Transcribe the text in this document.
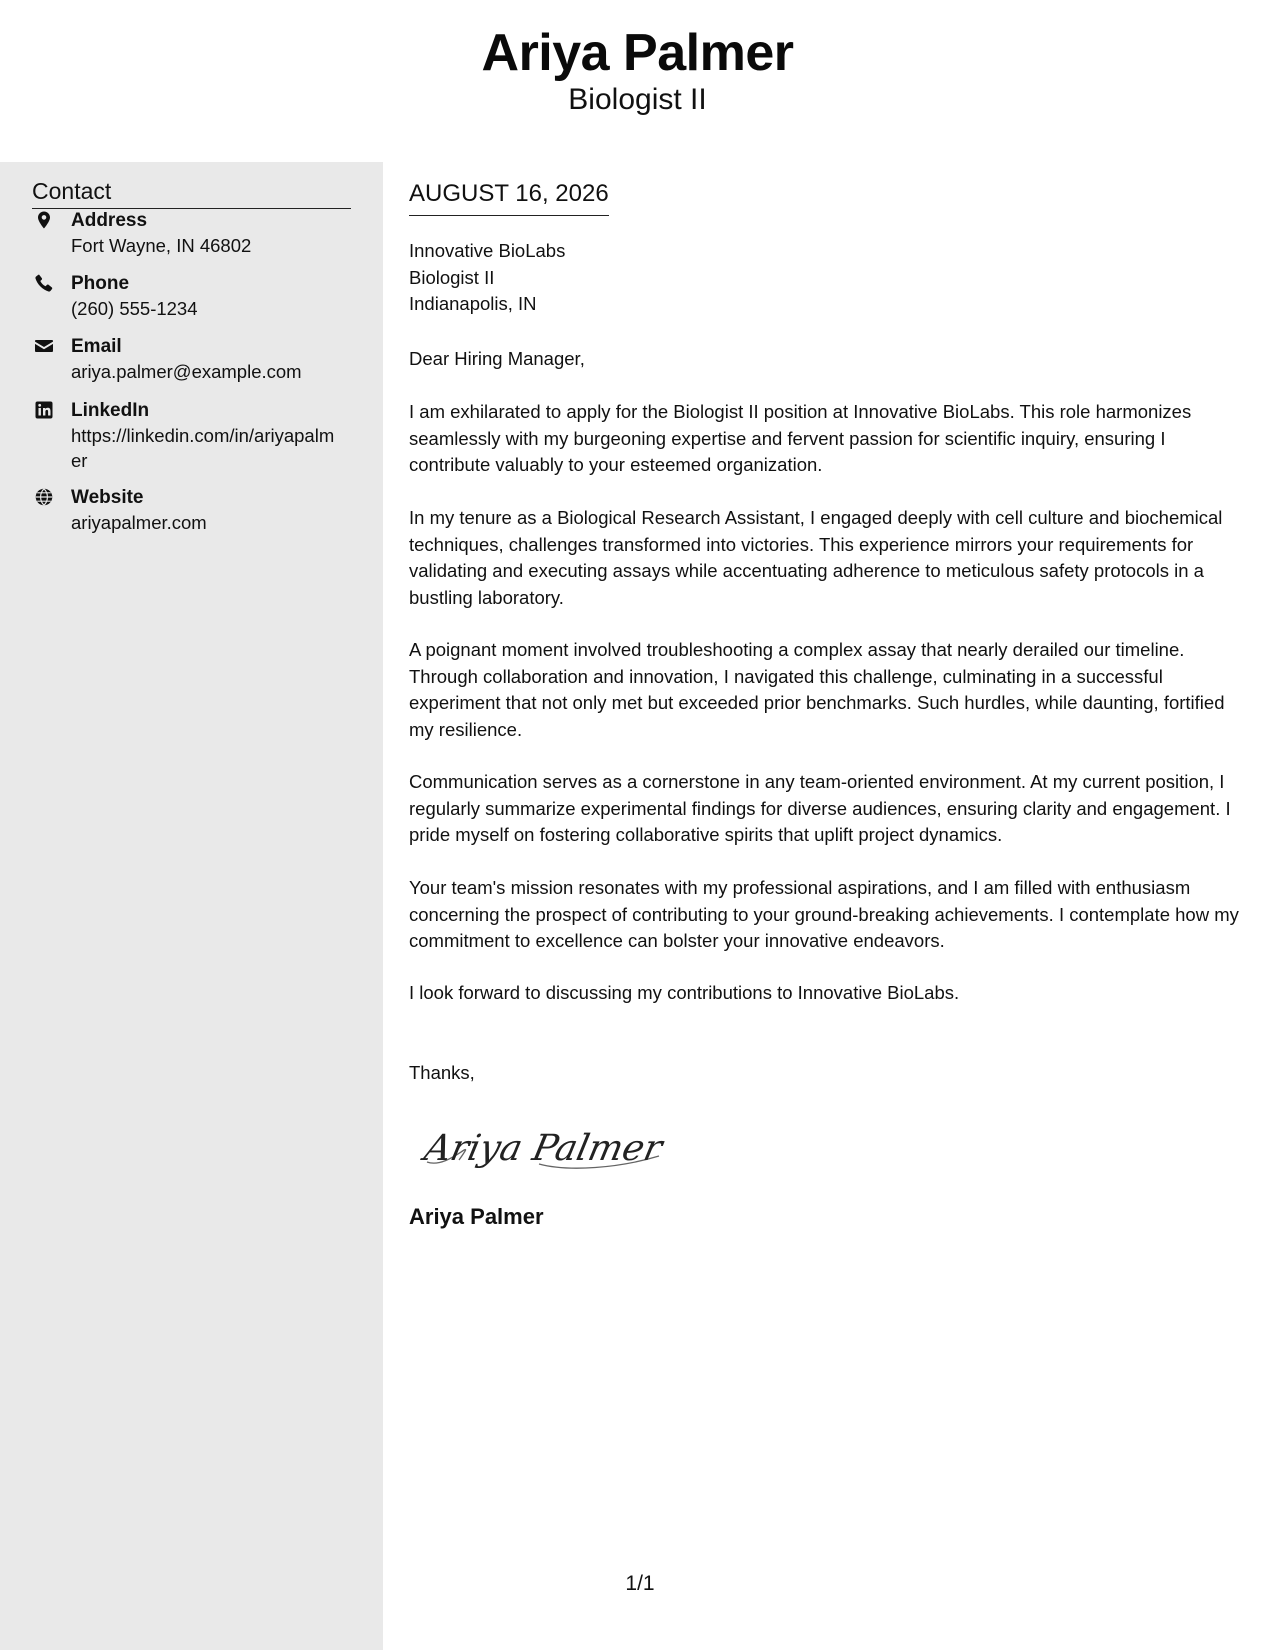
Ariya Palmer
Biologist II
Contact
Address
Fort Wayne, IN 46802
Phone
(260) 555-1234
Email
ariya.palmer@example.com
LinkedIn
https://linkedin.com/in/ariyapalmer
Website
ariyapalmer.com
AUGUST 16, 2026
Innovative BioLabs
Biologist II
Indianapolis, IN

Dear Hiring Manager,

I am exhilarated to apply for the Biologist II position at Innovative BioLabs. This role harmonizes seamlessly with my burgeoning expertise and fervent passion for scientific inquiry, ensuring I contribute valuably to your esteemed organization.

In my tenure as a Biological Research Assistant, I engaged deeply with cell culture and biochemical techniques, challenges transformed into victories. This experience mirrors your requirements for validating and executing assays while accentuating adherence to meticulous safety protocols in a bustling laboratory.

A poignant moment involved troubleshooting a complex assay that nearly derailed our timeline. Through collaboration and innovation, I navigated this challenge, culminating in a successful experiment that not only met but exceeded prior benchmarks. Such hurdles, while daunting, fortified my resilience.

Communication serves as a cornerstone in any team-oriented environment. At my current position, I regularly summarize experimental findings for diverse audiences, ensuring clarity and engagement. I pride myself on fostering collaborative spirits that uplift project dynamics.

Your team's mission resonates with my professional aspirations, and I am filled with enthusiasm concerning the prospect of contributing to your ground-breaking achievements. I contemplate how my commitment to excellence can bolster your innovative endeavors.

I look forward to discussing my contributions to Innovative BioLabs.

Thanks,

Ariya Palmer
Ariya Palmer
1/1
